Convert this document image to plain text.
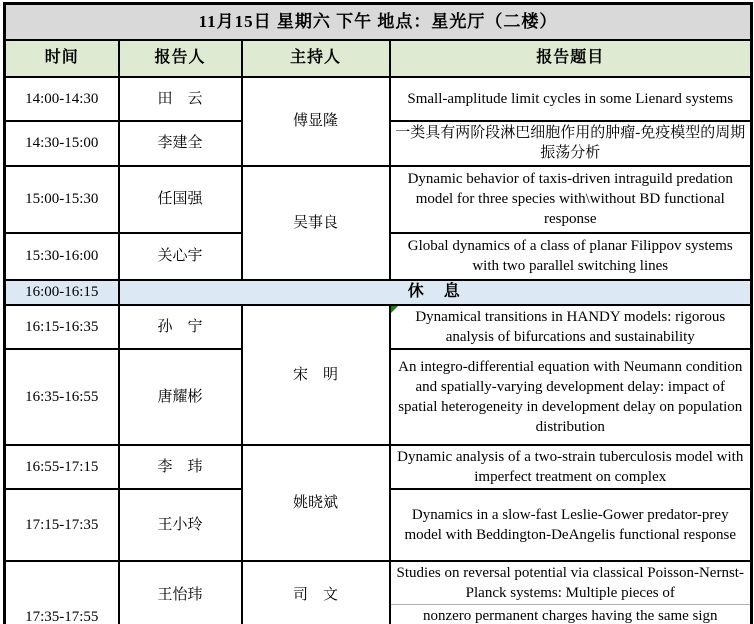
11月15日 星期六 下午 地点：星光厅（二楼）			
时间	报告人	主持人	报告题目
14:00-14:30	田　云	傅显隆	Small-amplitude limit cycles in some Lienard systems
14:30-15:00	李建全		一类具有两阶段淋巴细胞作用的肿瘤-免疫模型的周期振荡分析
15:00-15:30	任国强	吴事良	Dynamic behavior of taxis-driven intraguild predation model for three species with\without BD functional response
15:30-16:00	关心宇		Global dynamics of a class of planar Filippov systems with two parallel switching lines
16:00-16:15	休　息		
16:15-16:35	孙　宁	宋　明	Dynamical transitions in HANDY models: rigorous analysis of bifurcations and sustainability
16:35-16:55	唐耀彬		An integro-differential equation with Neumann condition and spatially-varying development delay: impact of spatial heterogeneity in development delay on population distribution
16:55-17:15	李　玮	姚晓斌	Dynamic analysis of a two-strain tuberculosis model with imperfect treatment on complex
17:15-17:35	王小玲		Dynamics in a slow-fast Leslie-Gower predator-prey model with Beddington-DeAngelis functional response
17:35-17:55	王怡玮	司　文	Studies on reversal potential via classical Poisson-Nernst-Planck systems: Multiple pieces of
nonzero permanent charges having the same sign
